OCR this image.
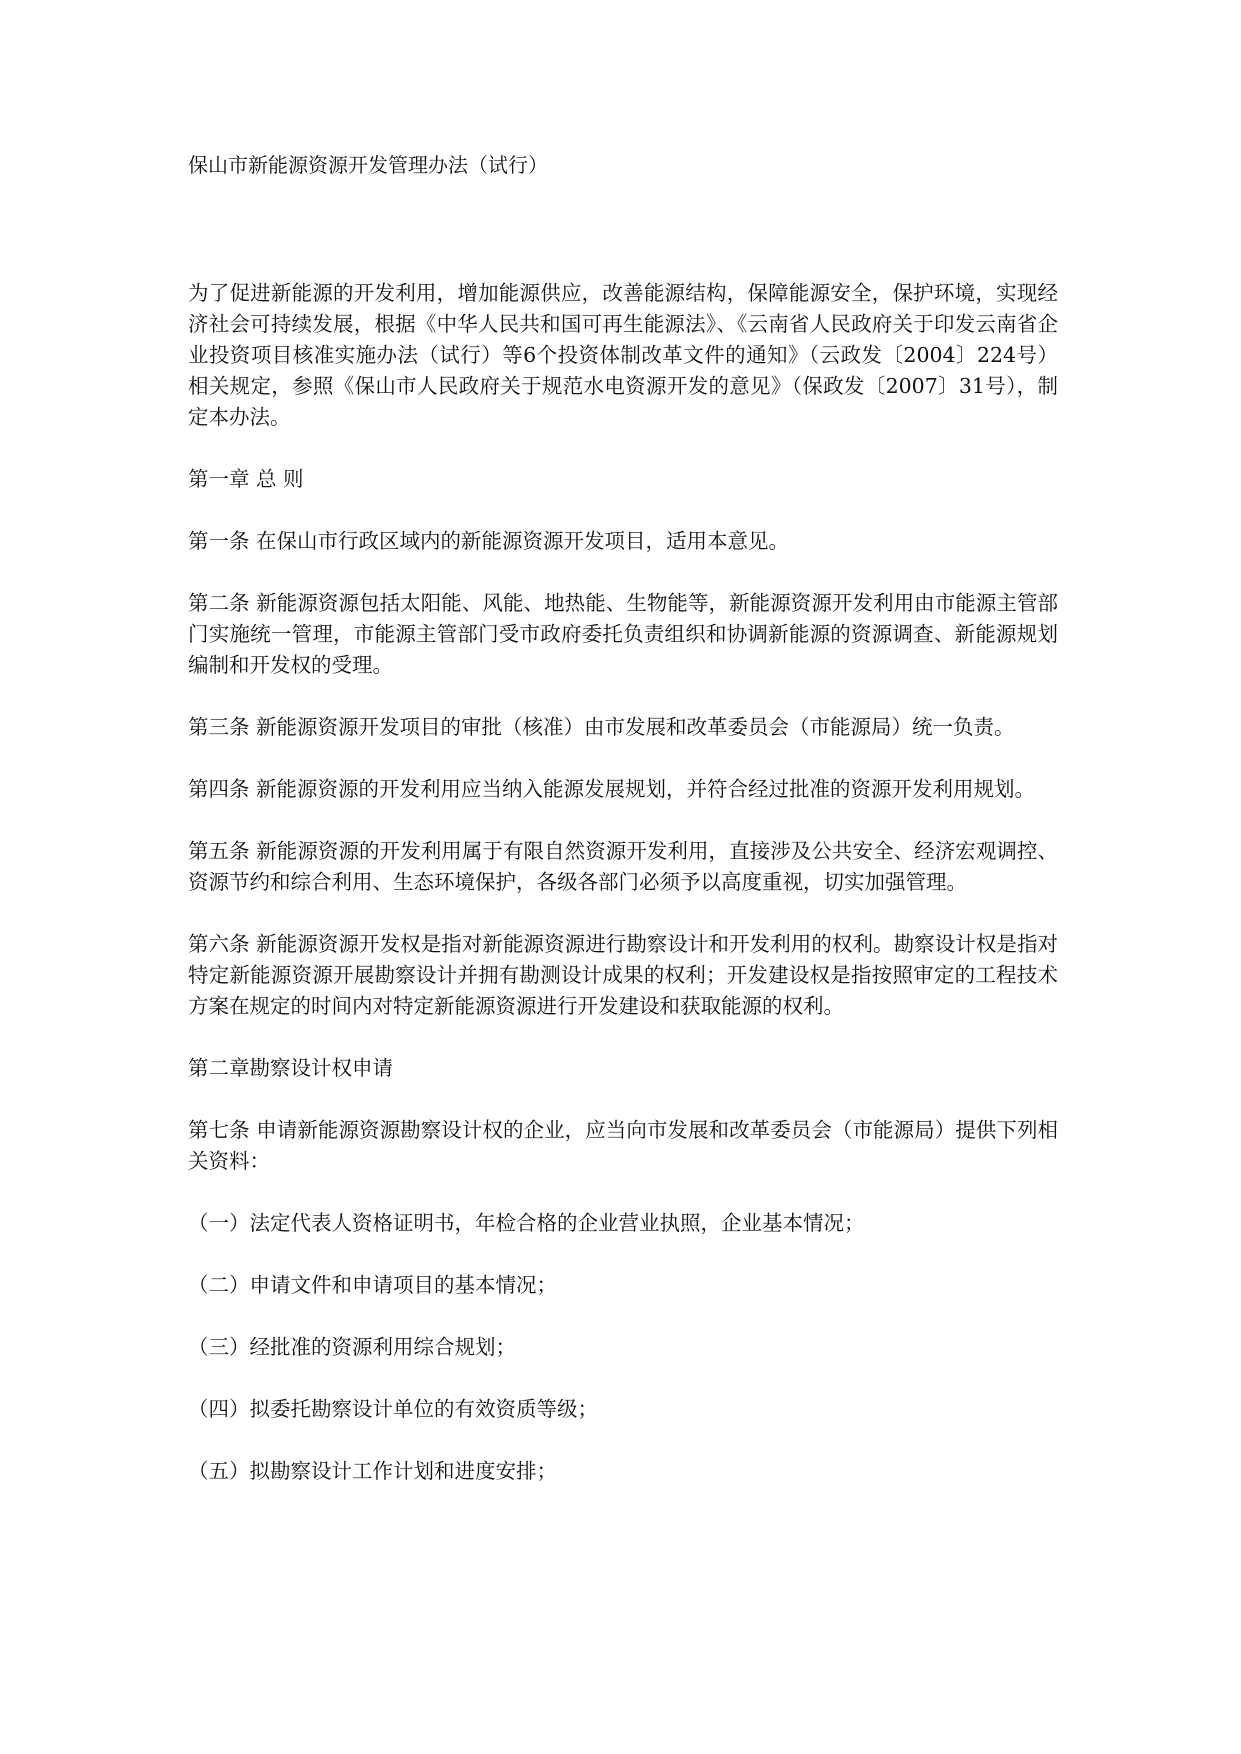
保山市新能源资源开发管理办法（试行）

为了促进新能源的开发利用，增加能源供应，改善能源结构，保障能源安全，保护环境，实现经济社会可持续发展，根据《中华人民共和国可再生能源法》、《云南省人民政府关于印发云南省企业投资项目核准实施办法（试行）等6个投资体制改革文件的通知》（云政发〔2004〕224号）相关规定，参照《保山市人民政府关于规范水电资源开发的意见》（保政发〔2007〕31号），制定本办法。

第一章 总 则

第一条 在保山市行政区域内的新能源资源开发项目，适用本意见。

第二条 新能源资源包括太阳能、风能、地热能、生物能等，新能源资源开发利用由市能源主管部门实施统一管理，市能源主管部门受市政府委托负责组织和协调新能源的资源调查、新能源规划编制和开发权的受理。

第三条 新能源资源开发项目的审批（核准）由市发展和改革委员会（市能源局）统一负责。

第四条 新能源资源的开发利用应当纳入能源发展规划，并符合经过批准的资源开发利用规划。

第五条 新能源资源的开发利用属于有限自然资源开发利用，直接涉及公共安全、经济宏观调控、资源节约和综合利用、生态环境保护，各级各部门必须予以高度重视，切实加强管理。

第六条 新能源资源开发权是指对新能源资源进行勘察设计和开发利用的权利。勘察设计权是指对特定新能源资源开展勘察设计并拥有勘测设计成果的权利；开发建设权是指按照审定的工程技术方案在规定的时间内对特定新能源资源进行开发建设和获取能源的权利。

第二章勘察设计权申请

第七条 申请新能源资源勘察设计权的企业，应当向市发展和改革委员会（市能源局）提供下列相关资料：

（一）法定代表人资格证明书，年检合格的企业营业执照，企业基本情况；

（二）申请文件和申请项目的基本情况；

（三）经批准的资源利用综合规划；

（四）拟委托勘察设计单位的有效资质等级；

（五）拟勘察设计工作计划和进度安排；
